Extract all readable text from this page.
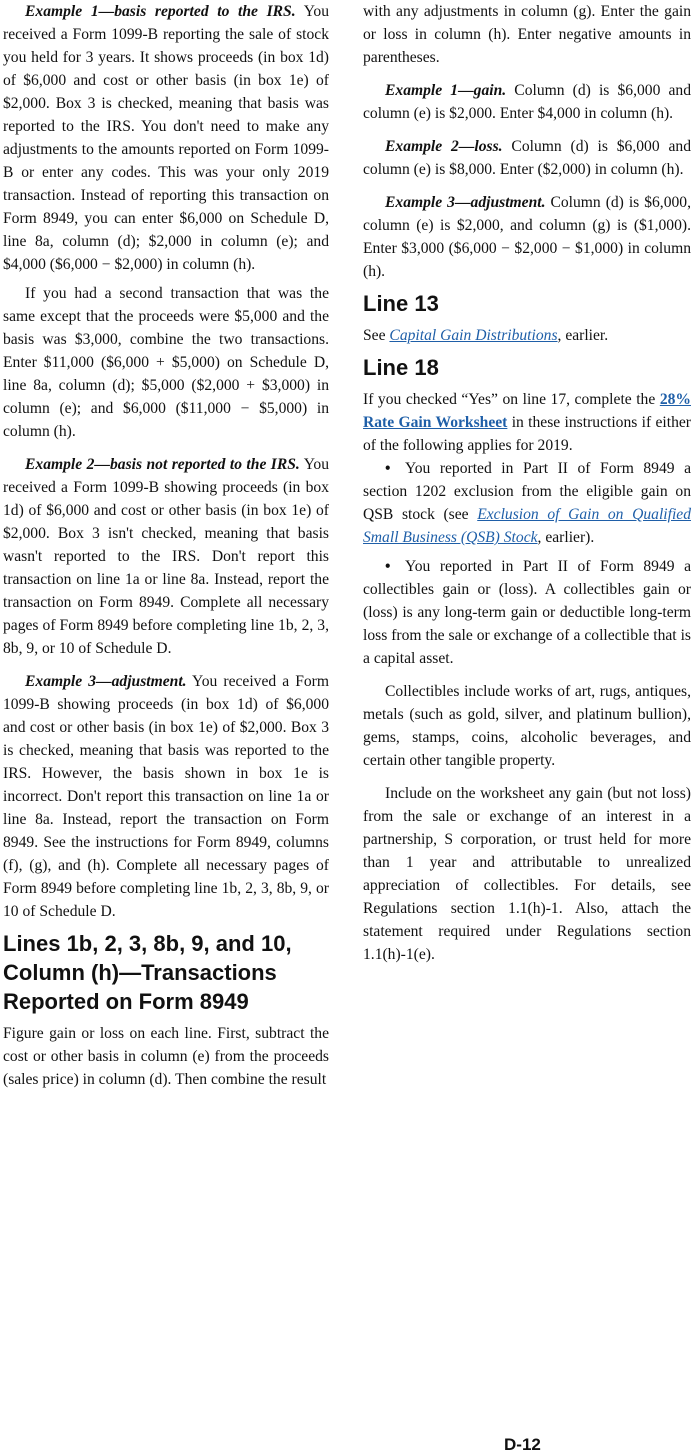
Example 1—basis reported to the IRS. You received a Form 1099-B reporting the sale of stock you held for 3 years. It shows proceeds (in box 1d) of $6,000 and cost or other basis (in box 1e) of $2,000. Box 3 is checked, meaning that basis was reported to the IRS. You don't need to make any adjustments to the amounts reported on Form 1099-B or enter any codes. This was your only 2019 transaction. Instead of reporting this transaction on Form 8949, you can enter $6,000 on Schedule D, line 8a, column (d); $2,000 in column (e); and $4,000 ($6,000 − $2,000) in column (h).

If you had a second transaction that was the same except that the proceeds were $5,000 and the basis was $3,000, combine the two transactions. Enter $11,000 ($6,000 + $5,000) on Schedule D, line 8a, column (d); $5,000 ($2,000 + $3,000) in column (e); and $6,000 ($11,000 − $5,000) in column (h).

Example 2—basis not reported to the IRS. You received a Form 1099-B showing proceeds (in box 1d) of $6,000 and cost or other basis (in box 1e) of $2,000. Box 3 isn't checked, meaning that basis wasn't reported to the IRS. Don't report this transaction on line 1a or line 8a. Instead, report the transaction on Form 8949. Complete all necessary pages of Form 8949 before completing line 1b, 2, 3, 8b, 9, or 10 of Schedule D.

Example 3—adjustment. You received a Form 1099-B showing proceeds (in box 1d) of $6,000 and cost or other basis (in box 1e) of $2,000. Box 3 is checked, meaning that basis was reported to the IRS. However, the basis shown in box 1e is incorrect. Don't report this transaction on line 1a or line 8a. Instead, report the transaction on Form 8949. See the instructions for Form 8949, columns (f), (g), and (h). Complete all necessary pages of Form 8949 before completing line 1b, 2, 3, 8b, 9, or 10 of Schedule D.

Lines 1b, 2, 3, 8b, 9, and 10, Column (h)—Transactions Reported on Form 8949

Figure gain or loss on each line. First, subtract the cost or other basis in column (e) from the proceeds (sales price) in column (d). Then combine the result

with any adjustments in column (g). Enter the gain or loss in column (h). Enter negative amounts in parentheses.

Example 1—gain. Column (d) is $6,000 and column (e) is $2,000. Enter $4,000 in column (h).

Example 2—loss. Column (d) is $6,000 and column (e) is $8,000. Enter ($2,000) in column (h).

Example 3—adjustment. Column (d) is $6,000, column (e) is $2,000, and column (g) is ($1,000). Enter $3,000 ($6,000 − $2,000 − $1,000) in column (h).

Line 13

See Capital Gain Distributions, earlier.

Line 18

If you checked “Yes” on line 17, complete the 28% Rate Gain Worksheet in these instructions if either of the following applies for 2019.

• You reported in Part II of Form 8949 a section 1202 exclusion from the eligible gain on QSB stock (see Exclusion of Gain on Qualified Small Business (QSB) Stock, earlier).

• You reported in Part II of Form 8949 a collectibles gain or (loss). A collectibles gain or (loss) is any long-term gain or deductible long-term loss from the sale or exchange of a collectible that is a capital asset.

Collectibles include works of art, rugs, antiques, metals (such as gold, silver, and platinum bullion), gems, stamps, coins, alcoholic beverages, and certain other tangible property.

Include on the worksheet any gain (but not loss) from the sale or exchange of an interest in a partnership, S corporation, or trust held for more than 1 year and attributable to unrealized appreciation of collectibles. For details, see Regulations section 1.1(h)-1. Also, attach the statement required under Regulations section 1.1(h)-1(e).

D-12
